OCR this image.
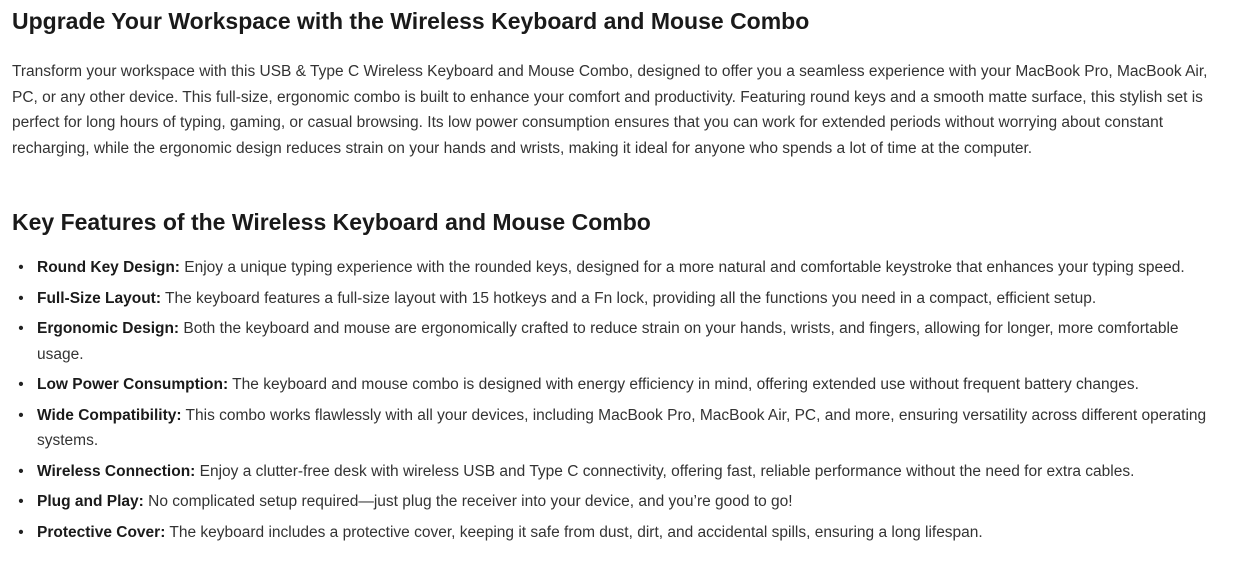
Upgrade Your Workspace with the Wireless Keyboard and Mouse Combo

Transform your workspace with this USB & Type C Wireless Keyboard and Mouse Combo, designed to offer you a seamless experience with your MacBook Pro, MacBook Air, PC, or any other device. This full-size, ergonomic combo is built to enhance your comfort and productivity. Featuring round keys and a smooth matte surface, this stylish set is perfect for long hours of typing, gaming, or casual browsing. Its low power consumption ensures that you can work for extended periods without worrying about constant recharging, while the ergonomic design reduces strain on your hands and wrists, making it ideal for anyone who spends a lot of time at the computer.

Key Features of the Wireless Keyboard and Mouse Combo
• Round Key Design: Enjoy a unique typing experience with the rounded keys, designed for a more natural and comfortable keystroke that enhances your typing speed.
• Full-Size Layout: The keyboard features a full-size layout with 15 hotkeys and a Fn lock, providing all the functions you need in a compact, efficient setup.
• Ergonomic Design: Both the keyboard and mouse are ergonomically crafted to reduce strain on your hands, wrists, and fingers, allowing for longer, more comfortable usage.
• Low Power Consumption: The keyboard and mouse combo is designed with energy efficiency in mind, offering extended use without frequent battery changes.
• Wide Compatibility: This combo works flawlessly with all your devices, including MacBook Pro, MacBook Air, PC, and more, ensuring versatility across different operating systems.
• Wireless Connection: Enjoy a clutter-free desk with wireless USB and Type C connectivity, offering fast, reliable performance without the need for extra cables.
• Plug and Play: No complicated setup required—just plug the receiver into your device, and you’re good to go!
• Protective Cover: The keyboard includes a protective cover, keeping it safe from dust, dirt, and accidental spills, ensuring a long lifespan.
